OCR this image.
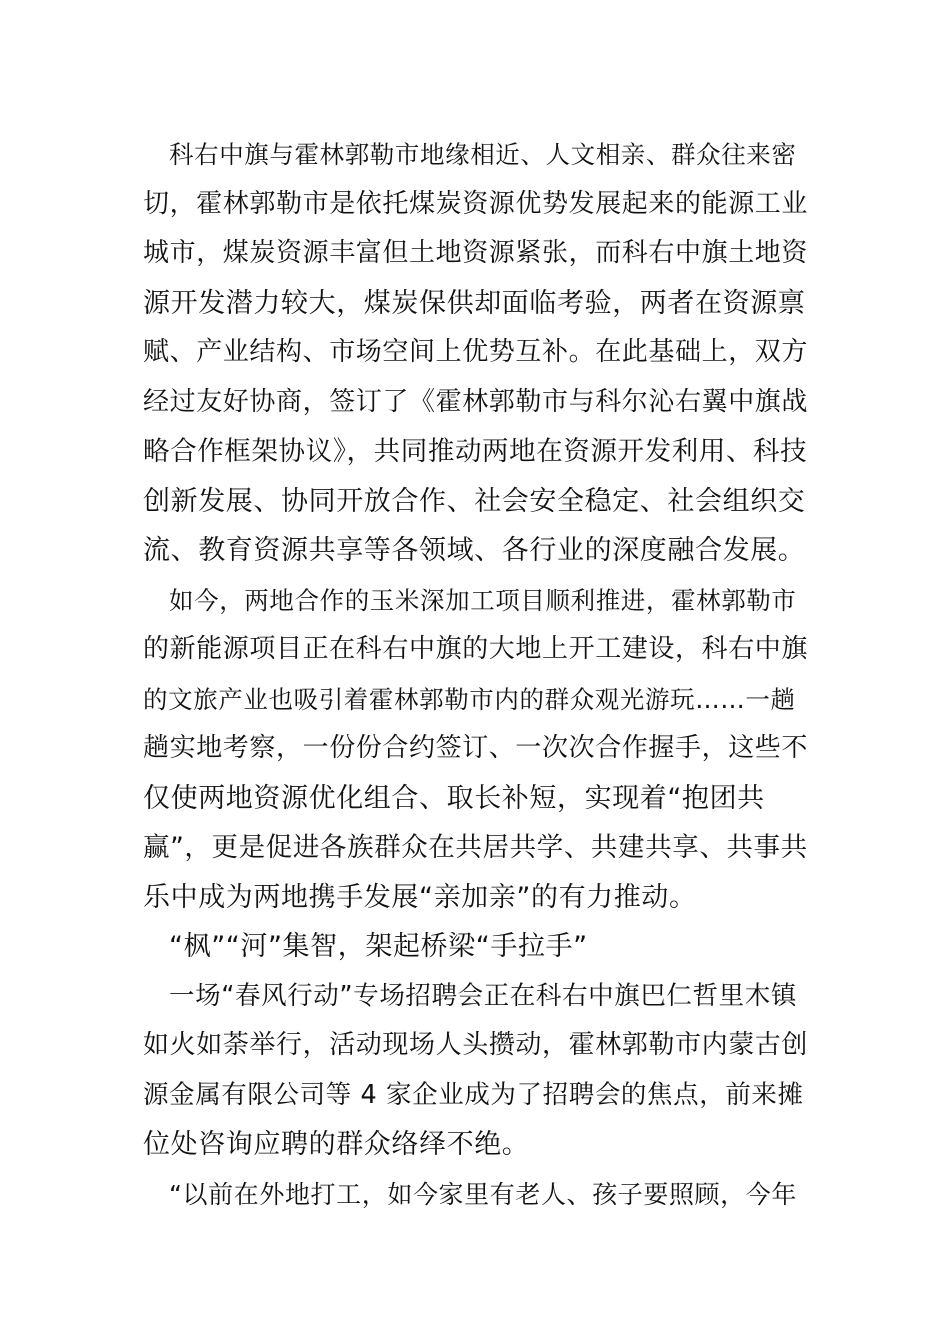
科右中旗与霍林郭勒市地缘相近、人文相亲、群众往来密
切，霍林郭勒市是依托煤炭资源优势发展起来的能源工业
城市，煤炭资源丰富但土地资源紧张，而科右中旗土地资
源开发潜力较大，煤炭保供却面临考验，两者在资源禀
赋、产业结构、市场空间上优势互补。在此基础上，双方
经过友好协商，签订了《霍林郭勒市与科尔沁右翼中旗战
略合作框架协议》，共同推动两地在资源开发利用、科技
创新发展、协同开放合作、社会安全稳定、社会组织交
流、教育资源共享等各领域、各行业的深度融合发展。
如今，两地合作的玉米深加工项目顺利推进，霍林郭勒市
的新能源项目正在科右中旗的大地上开工建设，科右中旗
的文旅产业也吸引着霍林郭勒市内的群众观光游玩……一趟
趟实地考察，一份份合约签订、一次次合作握手，这些不
仅使两地资源优化组合、取长补短，实现着“抱团共
赢”，更是促进各族群众在共居共学、共建共享、共事共
乐中成为两地携手发展“亲加亲”的有力推动。
“枫”“河”集智，架起桥梁“手拉手”
一场“春风行动”专场招聘会正在科右中旗巴仁哲里木镇
如火如荼举行，活动现场人头攒动，霍林郭勒市内蒙古创
源金属有限公司等 4 家企业成为了招聘会的焦点，前来摊
位处咨询应聘的群众络绎不绝。
“以前在外地打工，如今家里有老人、孩子要照顾，今年
